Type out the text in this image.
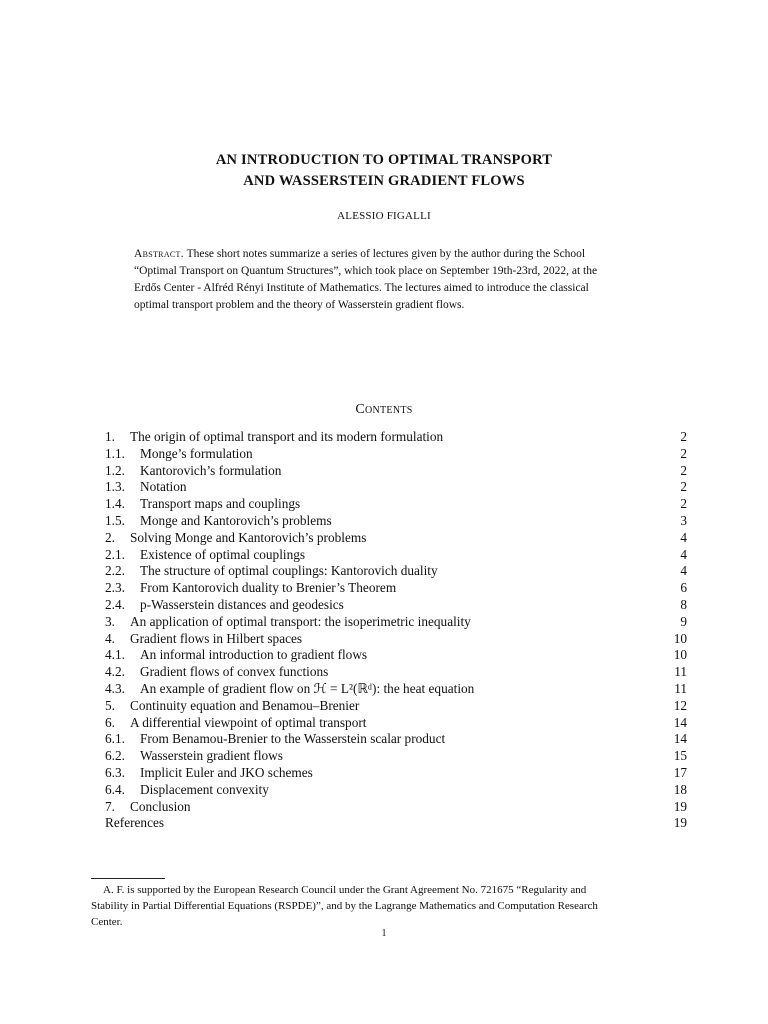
AN INTRODUCTION TO OPTIMAL TRANSPORT
AND WASSERSTEIN GRADIENT FLOWS
ALESSIO FIGALLI
Abstract. These short notes summarize a series of lectures given by the author during the School
“Optimal Transport on Quantum Structures”, which took place on September 19th-23rd, 2022, at the
Erdős Center - Alfréd Rényi Institute of Mathematics. The lectures aimed to introduce the classical
optimal transport problem and the theory of Wasserstein gradient flows.
Contents
1. The origin of optimal transport and its modern formulation	2
1.1. Monge’s formulation	2
1.2. Kantorovich’s formulation	2
1.3. Notation	2
1.4. Transport maps and couplings	2
1.5. Monge and Kantorovich’s problems	3
2. Solving Monge and Kantorovich’s problems	4
2.1. Existence of optimal couplings	4
2.2. The structure of optimal couplings: Kantorovich duality	4
2.3. From Kantorovich duality to Brenier’s Theorem	6
2.4. p-Wasserstein distances and geodesics	8
3. An application of optimal transport: the isoperimetric inequality	9
4. Gradient flows in Hilbert spaces	10
4.1. An informal introduction to gradient flows	10
4.2. Gradient flows of convex functions	11
4.3. An example of gradient flow on ℋ = L²(ℝᵈ): the heat equation	11
5. Continuity equation and Benamou–Brenier	12
6. A differential viewpoint of optimal transport	14
6.1. From Benamou-Brenier to the Wasserstein scalar product	14
6.2. Wasserstein gradient flows	15
6.3. Implicit Euler and JKO schemes	17
6.4. Displacement convexity	18
7. Conclusion	19
References	19
A. F. is supported by the European Research Council under the Grant Agreement No. 721675 “Regularity and
Stability in Partial Differential Equations (RSPDE)”, and by the Lagrange Mathematics and Computation Research
Center.
1
